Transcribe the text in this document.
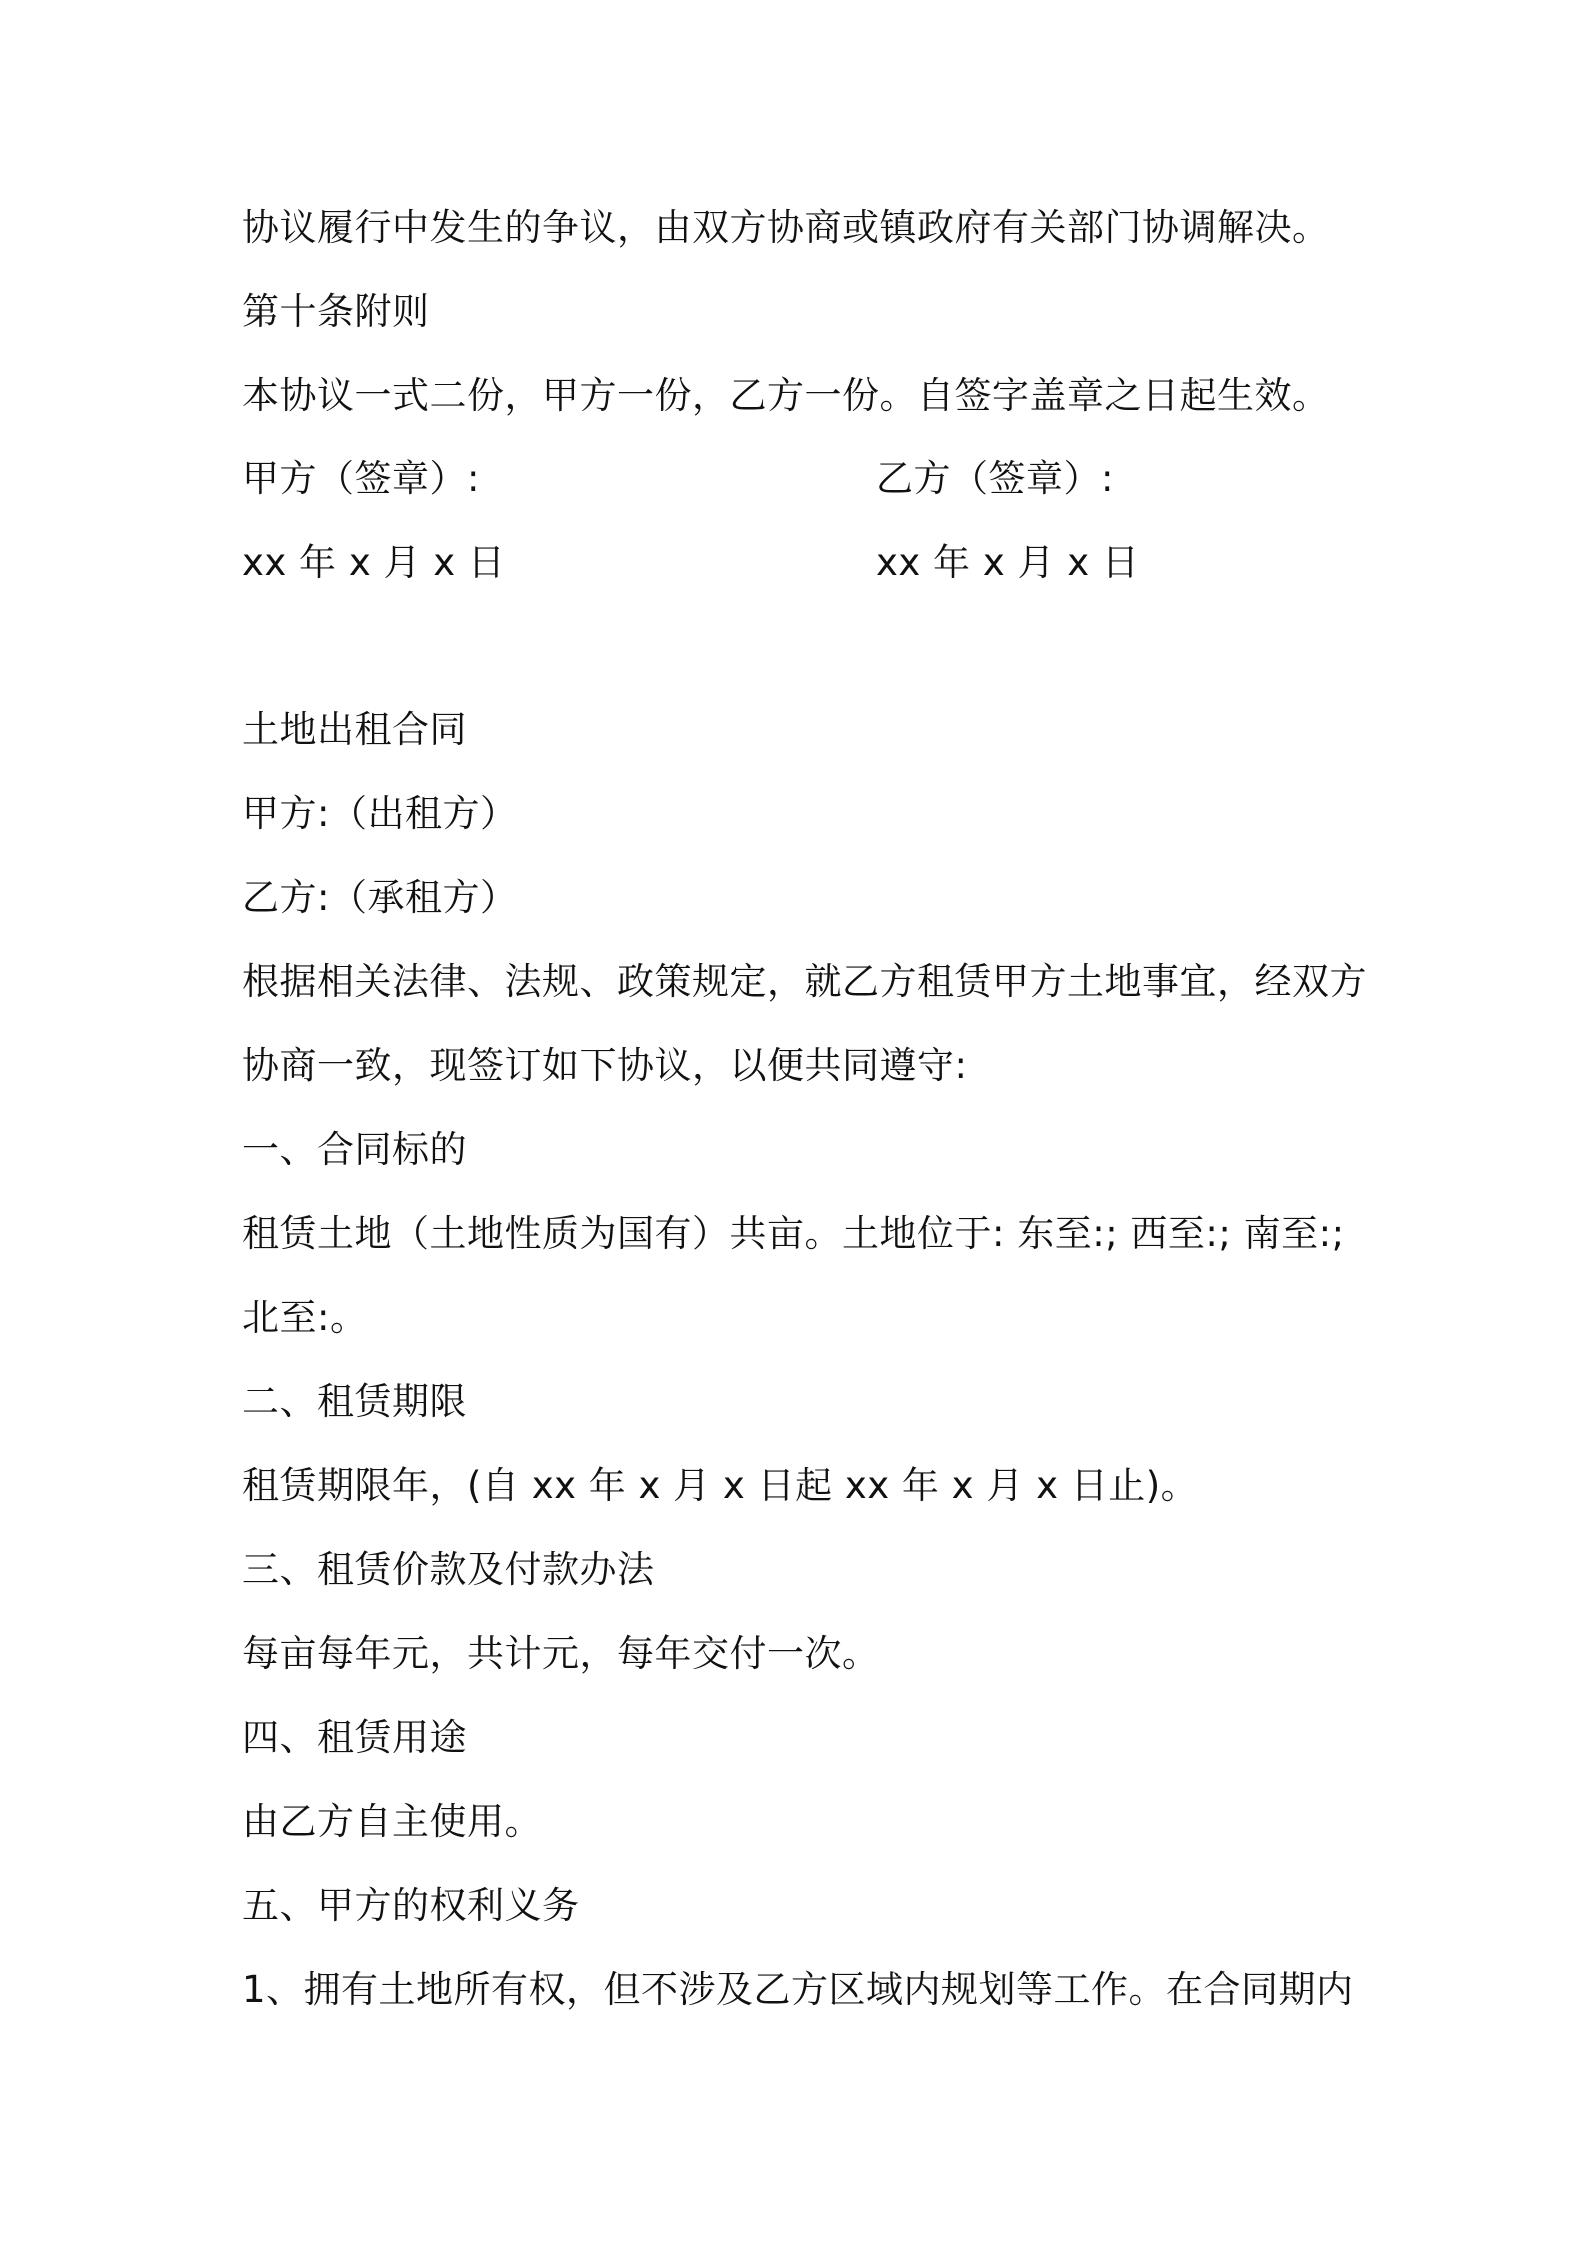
协议履行中发生的争议，由双方协商或镇政府有关部门协调解决。
第十条附则
本协议一式二份，甲方一份，乙方一份。自签字盖章之日起生效。
甲方（签章）:	乙方（签章）:
xx 年 x 月 x 日	xx 年 x 月 x 日
土地出租合同
甲方:（出租方）
乙方:（承租方）
根据相关法律、法规、政策规定，就乙方租赁甲方土地事宜，经双方
协商一致，现签订如下协议，以便共同遵守:
一、合同标的
租赁土地（土地性质为国有）共亩。土地位于: 东至:; 西至:; 南至:;
北至:。
二、租赁期限
租赁期限年，(自 xx 年 x 月 x 日起 xx 年 x 月 x 日止)。
三、租赁价款及付款办法
每亩每年元，共计元，每年交付一次。
四、租赁用途
由乙方自主使用。
五、甲方的权利义务
1、拥有土地所有权，但不涉及乙方区域内规划等工作。在合同期内
